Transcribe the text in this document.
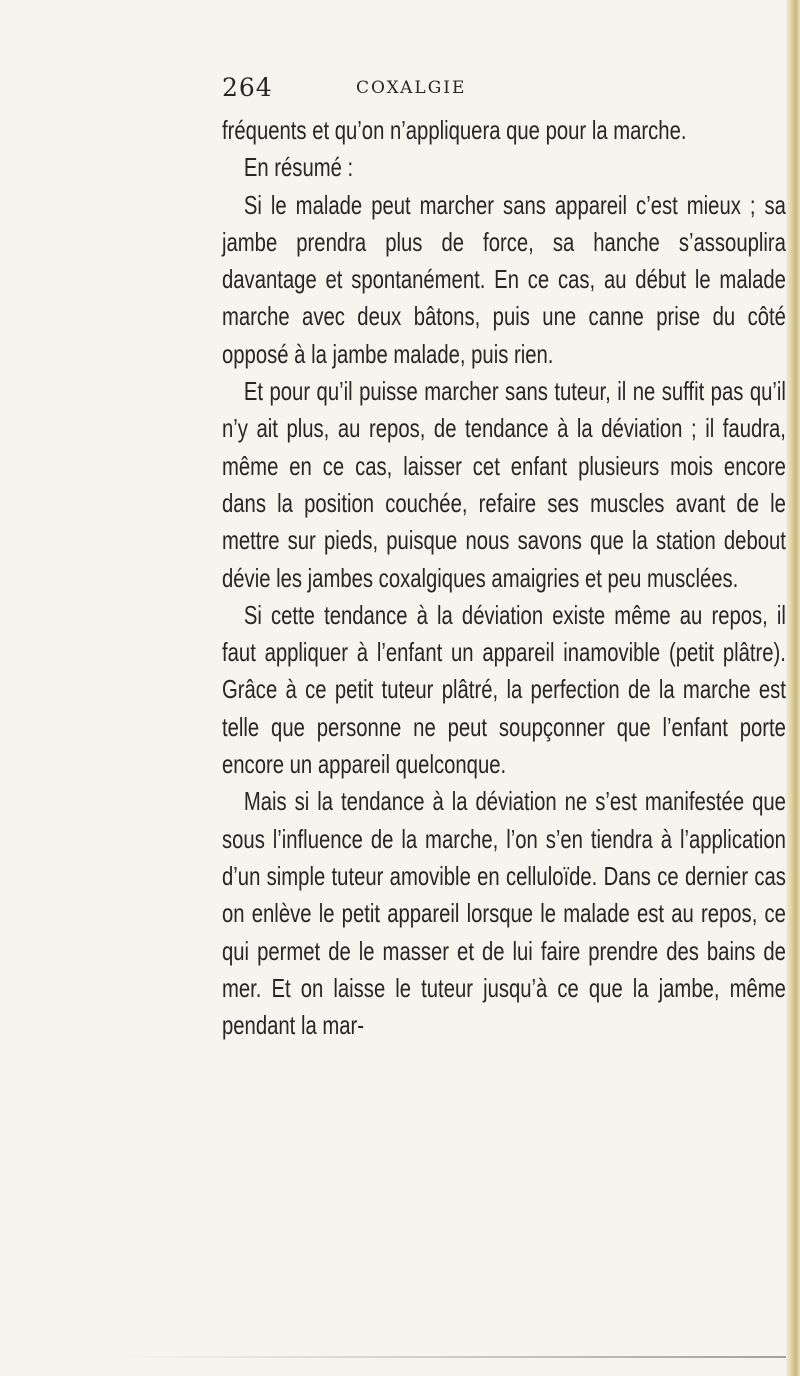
264	COXALGIE

fréquents et qu’on n’appliquera que pour la marche.

En résumé :

Si le malade peut marcher sans appareil c’est mieux ; sa jambe prendra plus de force, sa hanche s’assouplira davantage et spontanément. En ce cas, au début le malade marche avec deux bâtons, puis une canne prise du côté opposé à la jambe malade, puis rien.

Et pour qu’il puisse marcher sans tuteur, il ne suffit pas qu’il n’y ait plus, au repos, de tendance à la déviation ; il faudra, même en ce cas, laisser cet enfant plusieurs mois encore dans la position couchée, refaire ses muscles avant de le mettre sur pieds, puisque nous savons que la station debout dévie les jambes coxalgiques amaigries et peu musclées.

Si cette tendance à la déviation existe même au repos, il faut appliquer à l’enfant un appareil inamovible (petit plâtre). Grâce à ce petit tuteur plâtré, la perfection de la marche est telle que personne ne peut soupçonner que l’enfant porte encore un appareil quelconque.

Mais si la tendance à la déviation ne s’est manifestée que sous l’influence de la marche, l’on s’en tiendra à l’application d’un simple tuteur amovible en celluloïde. Dans ce dernier cas on enlève le petit appareil lorsque le malade est au repos, ce qui permet de le masser et de lui faire prendre des bains de mer. Et on laisse le tuteur jusqu’à ce que la jambe, même pendant la mar-
